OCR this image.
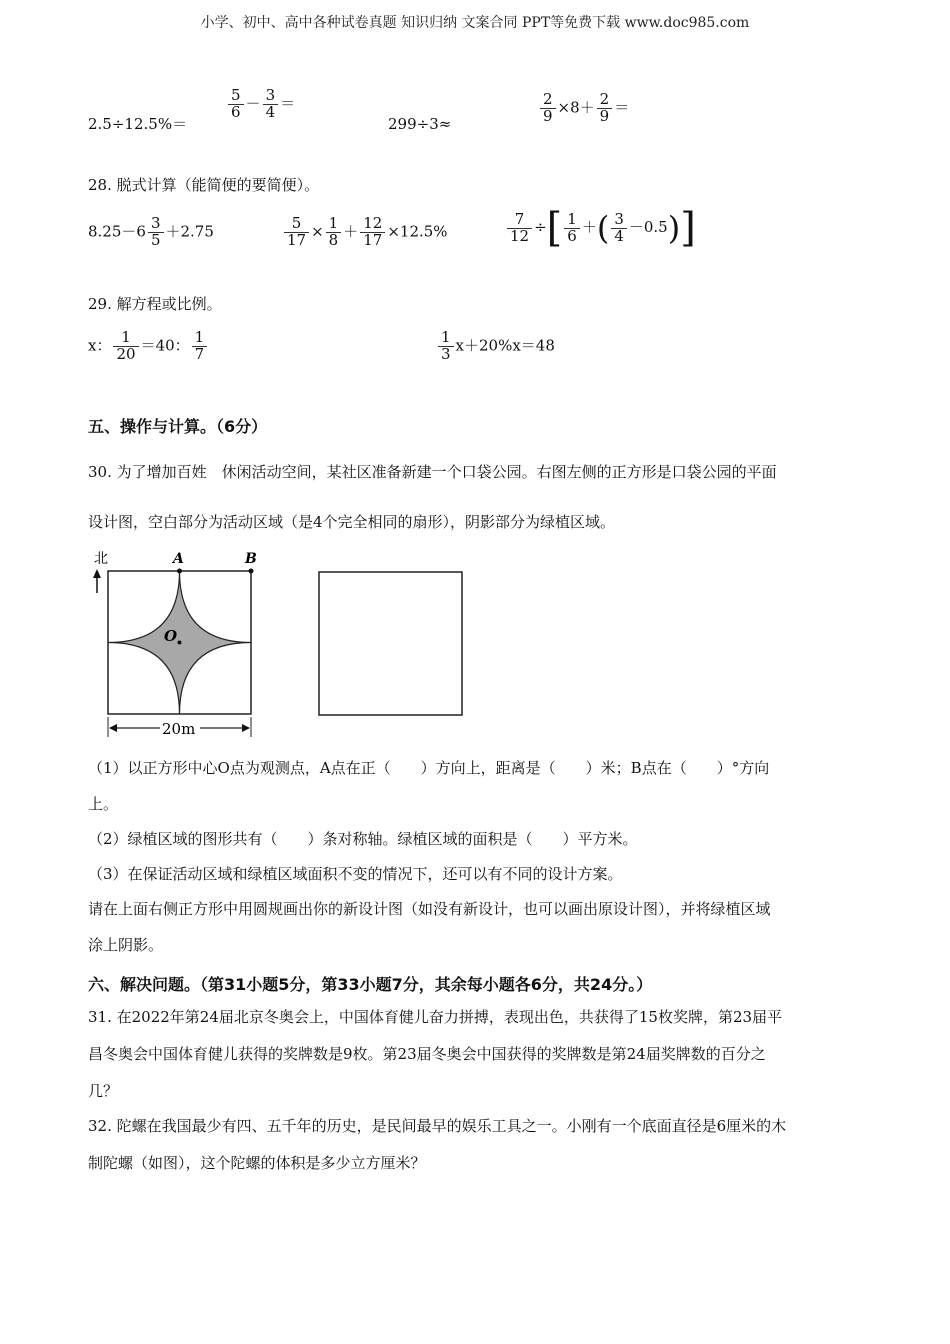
小学、初中、高中各种试卷真题 知识归纳 文案合同 PPT等免费下载 www.doc985.com
2.5÷12.5%＝
$\frac{5}{6} - \frac{3}{4}$ ＝
299÷3≈	$\frac{2}{9} \times 8+ \frac{2}{9}$ ＝
28. 脱式计算（能简便的要简便）。
$8.25-6 \frac{3}{5} +2.75$	$\frac{5}{17} \times \frac{1}{8} + \frac{12}{17} \times 12.5\%$	$\frac{7}{12}$ ÷[ $\frac{1}{6}$ ＋( $\frac{3}{4} -0.5$)]
29. 解方程或比例。
x： $\frac{1}{20} =40$： $\frac{1}{7}$	$\frac{1}{3} x+20\%x=48$
五、操作与计算。（6分）
30. 为了增加百姓　休闲活动空间，某社区准备新建一个口袋公园。右图左侧的正方形是口袋公园的平面
设计图，空白部分为活动区域（是4个完全相同的扇形），阴影部分为绿植区域。
北	A	B
O
20m
（1）以正方形中心O点为观测点，A点在正（　　）方向上，距离是（　　）米；B点在（　　）°方向
上。
（2）绿植区域的图形共有（　　）条对称轴。绿植区域的面积是（　　）平方米。
（3）在保证活动区域和绿植区域面积不变的情况下，还可以有不同的设计方案。
请在上面右侧正方形中用圆规画出你的新设计图（如没有新设计，也可以画出原设计图），并将绿植区域
涂上阴影。
六、解决问题。（第31小题5分，第33小题7分，其余每小题各6分，共24分。）
31. 在2022年第24届北京冬奥会上，中国体育健儿奋力拼搏，表现出色，共获得了15枚奖牌，第23届平
昌冬奥会中国体育健儿获得的奖牌数是9枚。第23届冬奥会中国获得的奖牌数是第24届奖牌数的百分之
几？
32. 陀螺在我国最少有四、五千年的历史，是民间最早的娱乐工具之一。小刚有一个底面直径是6厘米的木
制陀螺（如图），这个陀螺的体积是多少立方厘米？
